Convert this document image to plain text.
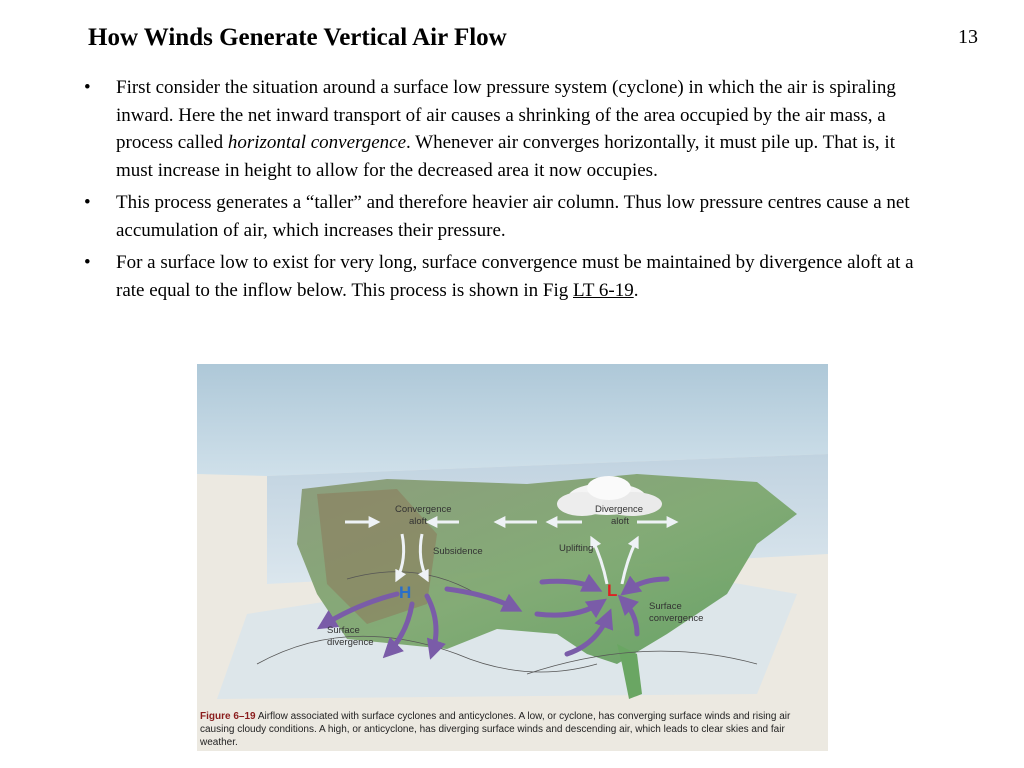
How Winds Generate Vertical Air Flow	13
• First consider the situation around a surface low pressure system (cyclone) in which the air is spiraling inward. Here the net inward transport of air causes a shrinking of the area occupied by the air mass, a process called horizontal convergence. Whenever air converges horizontally, it must pile up. That is, it must increase in height to allow for the decreased area it now occupies.
• This process generates a “taller” and therefore heavier air column. Thus low pressure centres cause a net accumulation of air, which increases their pressure.
• For a surface low to exist for very long, surface convergence must be maintained by divergence aloft at a rate equal to the inflow below. This process is shown in Fig LT 6-19.
Convergence
aloft
Divergence
aloft
Subsidence	Uplifting
H	L
Surface
convergence
Surface
divergence
Figure 6–19 Airflow associated with surface cyclones and anticyclones. A low, or cyclone, has converging surface winds and rising air causing cloudy conditions. A high, or anticyclone, has diverging surface winds and descending air, which leads to clear skies and fair weather.
